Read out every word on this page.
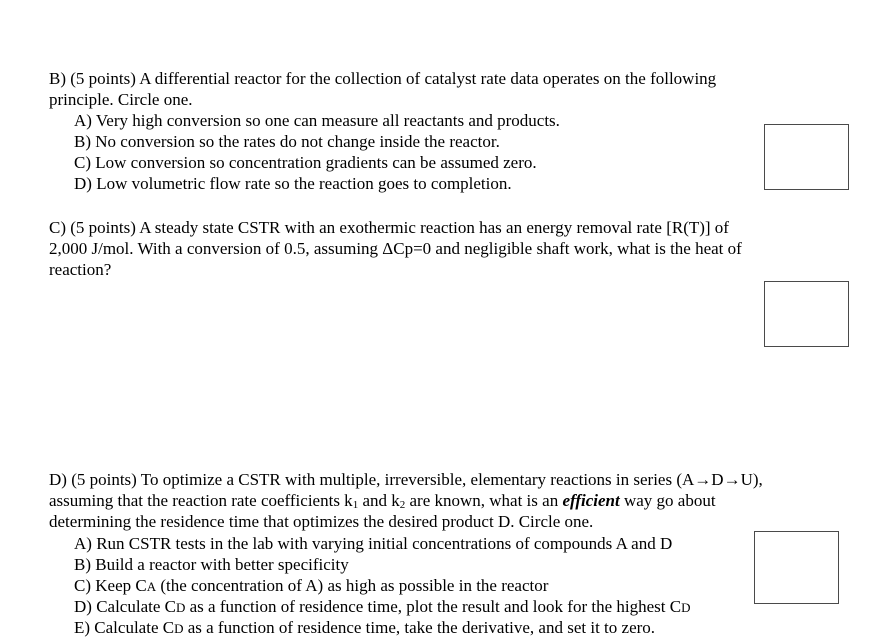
B) (5 points) A differential reactor for the collection of catalyst rate data operates on the following
principle. Circle one.
A) Very high conversion so one can measure all reactants and products.
B) No conversion so the rates do not change inside the reactor.
C) Low conversion so concentration gradients can be assumed zero.
D) Low volumetric flow rate so the reaction goes to completion.
C) (5 points) A steady state CSTR with an exothermic reaction has an energy removal rate [R(T)] of
2,000 J/mol. With a conversion of 0.5, assuming ΔCp=0 and negligible shaft work, what is the heat of
reaction?
D) (5 points) To optimize a CSTR with multiple, irreversible, elementary reactions in series (A→D→U),
assuming that the reaction rate coefficients k1 and k2 are known, what is an efficient way go about
determining the residence time that optimizes the desired product D. Circle one.
A) Run CSTR tests in the lab with varying initial concentrations of compounds A and D
B) Build a reactor with better specificity
C) Keep CA (the concentration of A) as high as possible in the reactor
D) Calculate CD as a function of residence time, plot the result and look for the highest CD
E) Calculate CD as a function of residence time, take the derivative, and set it to zero.
